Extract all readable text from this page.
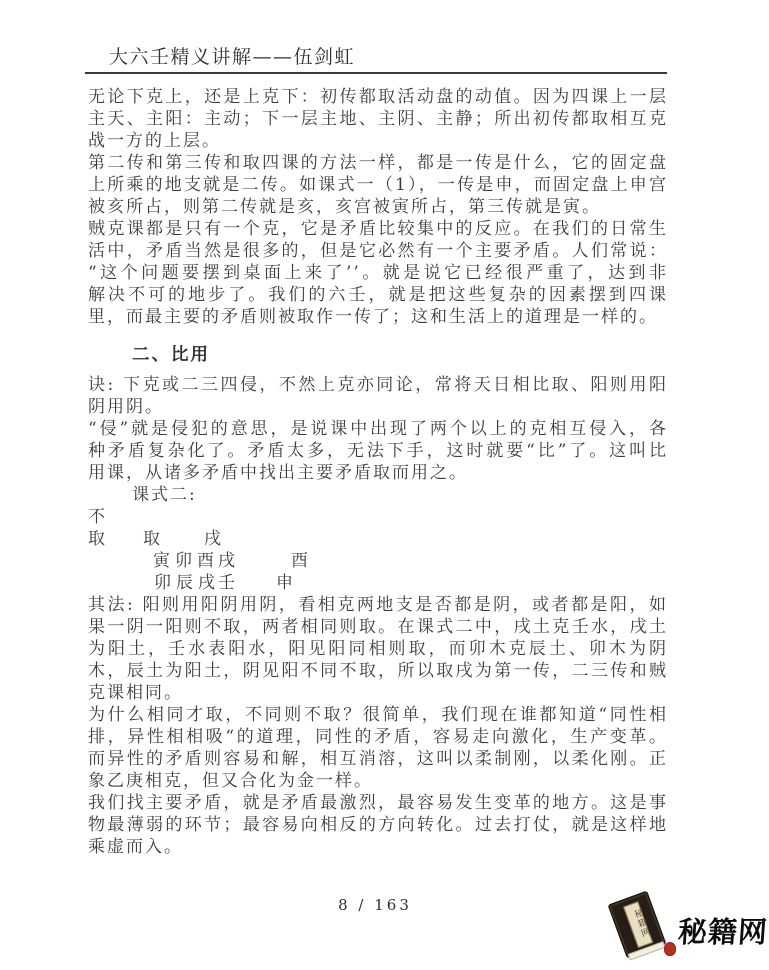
大六壬精义讲解——伍剑虹
无论下克上，还是上克下：初传都取活动盘的动值。因为四课上一层
主天、主阳：主动；下一层主地、主阴、主静；所出初传都取相互克
战一方的上层。
第二传和第三传和取四课的方法一样，都是一传是什么，它的固定盘
上所乘的地支就是二传。如课式一（1），一传是申，而固定盘上申宫
被亥所占，则第二传就是亥，亥宫被寅所占，第三传就是寅。
贼克课都是只有一个克，它是矛盾比较集中的反应。在我们的日常生
活中，矛盾当然是很多的，但是它必然有一个主要矛盾。人们常说：
“这个问题要摆到桌面上来了’’。就是说它已经很严重了，达到非
解决不可的地步了。我们的六壬，就是把这些复杂的因素摆到四课
里，而最主要的矛盾则被取作一传了；这和生活上的道理是一样的。
二、比用
诀: 下克或二三四侵，不然上克亦同论，常将天日相比取、阳则用阳
阴用阴。
“侵”就是侵犯的意思，是说课中出现了两个以上的克相互侵入，各
种矛盾复杂化了。矛盾太多，无法下手，这时就要“比”了。这叫比
用课，从诸多矛盾中找出主要矛盾取而用之。
课式二:
不
取 取 戌
寅 卯 酉 戌	酉
卯 辰 戌 壬 申
其法: 阳则用阳阴用阴，看相克两地支是否都是阴，或者都是阳，如
果一阴一阳则不取，两者相同则取。在课式二中，戌土克壬水，戌土
为阳土，壬水表阳水，阳见阳同相则取，而卯木克辰土、卯木为阴
木，辰土为阳土，阴见阳不同不取，所以取戌为第一传，二三传和贼
克课相同。
为什么相同才取，不同则不取？很简单，我们现在谁都知道“同性相
排，异性相相吸“的道理，同性的矛盾，容易走向激化，生产变革。
而异性的矛盾则容易和解，相互消溶，这叫以柔制刚，以柔化刚。正
象乙庚相克，但又合化为金一样。
我们找主要矛盾，就是矛盾最激烈，最容易发生变革的地方。这是事
物最薄弱的环节；最容易向相反的方向转化。过去打仗，就是这样地
乘虚而入。
8 / 163
秘籍网 秘籍网
